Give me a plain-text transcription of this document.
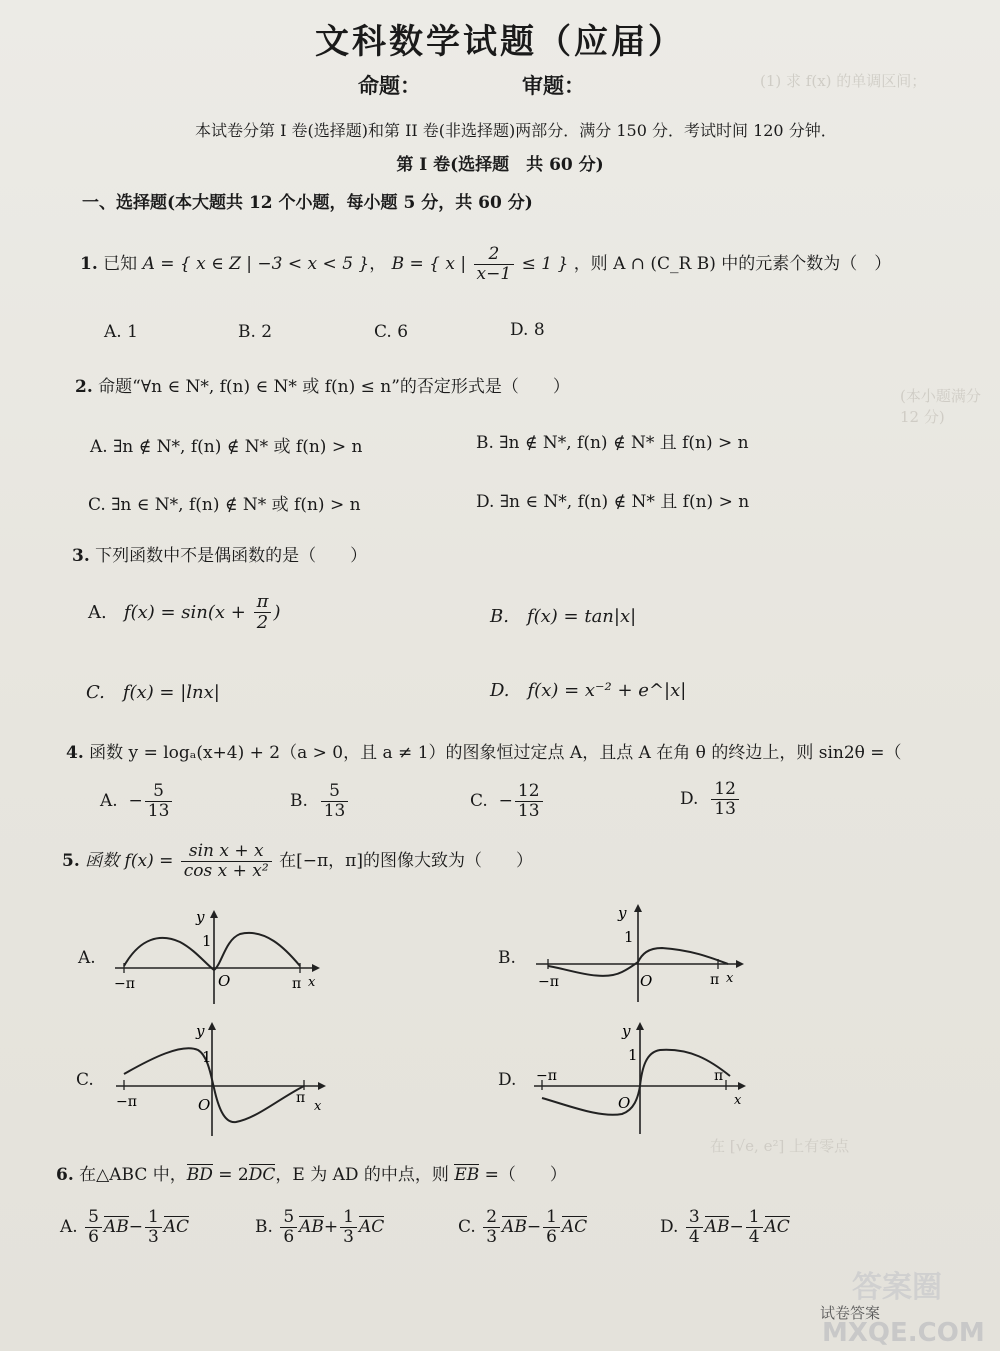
(1) 求 f(x) 的单调区间；
(本小题满分 12 分)
在 [√e, e²] 上有零点
文科数学试题（应届）
命题：	审题：
本试卷分第 I 卷(选择题)和第 II 卷(非选择题)两部分．满分 150 分．考试时间 120 分钟．
第 I 卷(选择题　共 60 分)
一、选择题(本大题共 12 个小题，每小题 5 分，共 60 分)
1. 已知 A = { x ∈ Z | −3 < x < 5 }， B = { x | $\frac{2}{x-1} \le 1$ } ，则 A ∩ (C_R B) 中的元素个数为（　）
A. 1	B. 2	C. 6	D. 8
2. 命题“∀n ∈ N*, f(n) ∈ N* 或 f(n) ≤ n”的否定形式是（　　）
A. ∃n ∉ N*, f(n) ∉ N* 或 f(n) > n	B. ∃n ∉ N*, f(n) ∉ N* 且 f(n) > n
C. ∃n ∈ N*, f(n) ∉ N* 或 f(n) > n	D. ∃n ∈ N*, f(n) ∉ N* 且 f(n) > n
3. 下列函数中不是偶函数的是（　　）
A. $f(x) = \sin(x + \frac{\pi}{2}$ )	B.　f(x) = tan|x|
C.　f(x) = |lnx|	D.　f(x) = x⁻² + e^|x|
4. 函数 y = logₐ(x+4) + 2（a > 0，且 a ≠ 1）的图象恒过定点 A，且点 A 在角 θ 的终边上，则 sin2θ =（
A. − $\frac{5}{13}$	B. $\frac{5}{13}$	C. − $\frac{12}{13}$	D. $\frac{12}{13}$
5. 函数 $f(x) = \frac{\text{sin x + x}}{\text{cos x + x²}}$ 在[−π，π]的图像大致为（　　）
A.
y
1
O
−π	π x
B.
y
1
O
−π	π x
C.
y
1
O
−π	π
x
D.
y
1
O
−π	π
x
6. 在△ABC 中，BD = 2DC，E 为 AD 的中点，则 EB =（　　）
A. $\frac{5}{6} AB- \frac{1}{3}$ AC	B. $\frac{5}{6} AB+ \frac{1}{3}$ AC	C. $\frac{2}{3} AB- \frac{1}{6}$ AC	D. $\frac{3}{4} AB- \frac{1}{4}$ AC
答案圈
试卷答案
MXQE.COM
